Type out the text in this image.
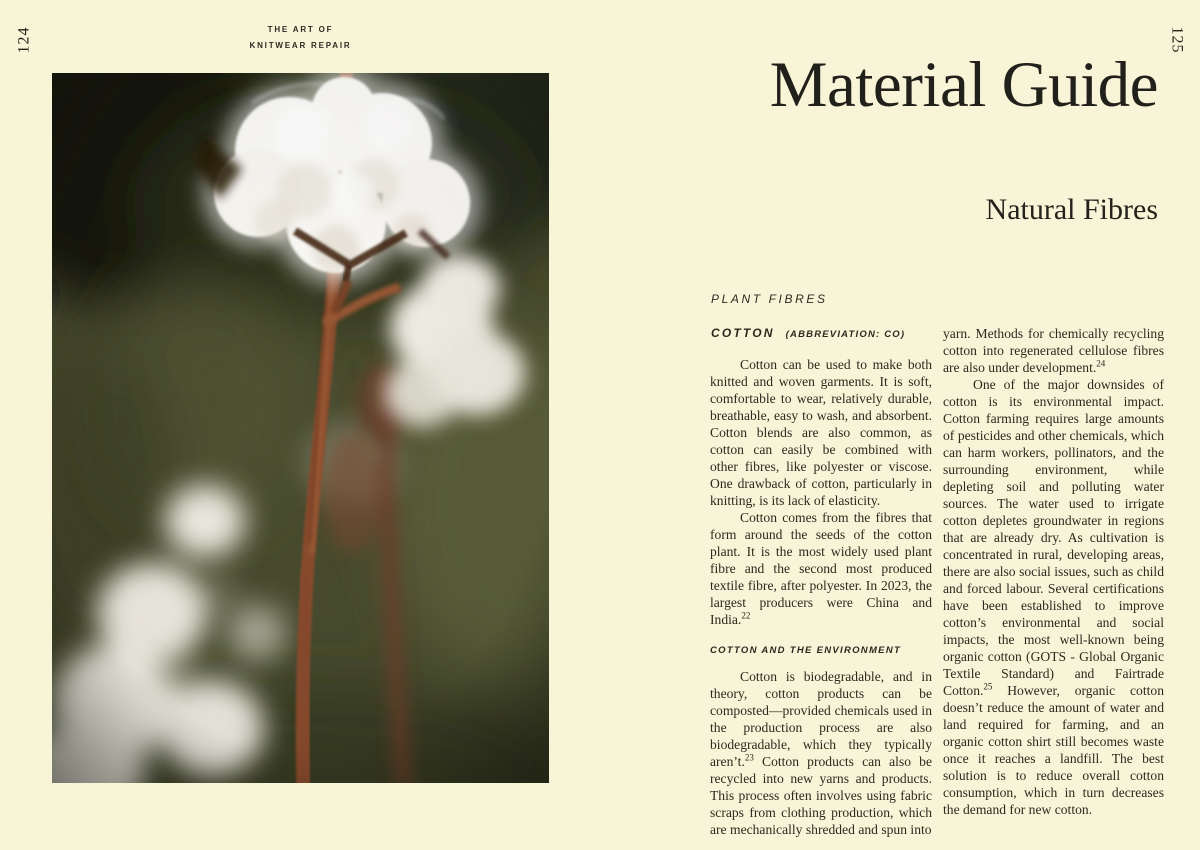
124	THE ART OF
KNITWEAR REPAIR	125
Material Guide
Natural Fibres
PLANT FIBRES
COTTON (ABBREVIATION: CO)

Cotton can be used to make both knitted and woven garments. It is soft, comfortable to wear, relatively durable, breathable, easy to wash, and absorbent. Cotton blends are also common, as cotton can easily be combined with other fibres, like polyester or viscose. One drawback of cotton, particularly in knitting, is its lack of elasticity.

Cotton comes from the fibres that form around the seeds of the cotton plant. It is the most widely used plant fibre and the second most produced textile fibre, after polyester. In 2023, the largest producers were China and India.$^{22}$

COTTON AND THE ENVIRONMENT

Cotton is biodegradable, and in theory, cotton products can be composted—provided chemicals used in the production process are also biodegradable, which they typically aren’t.$^{23}$ Cotton products can also be recycled into new yarns and products. This process often involves using fabric scraps from clothing production, which are mechanically shredded and spun into

yarn. Methods for chemically recycling cotton into regenerated cellulose fibres are also under development.$^{24}$

One of the major downsides of cotton is its environmental impact. Cotton farming requires large amounts of pesticides and other chemicals, which can harm workers, pollinators, and the surrounding environment, while depleting soil and polluting water sources. The water used to irrigate cotton depletes groundwater in regions that are already dry. As cultivation is concentrated in rural, developing areas, there are also social issues, such as child and forced labour. Several certifications have been established to improve cotton’s environmental and social impacts, the most well-known being organic cotton (GOTS - Global Organic Textile Standard) and Fairtrade Cotton.$^{25}$ However, organic cotton doesn’t reduce the amount of water and land required for farming, and an organic cotton shirt still becomes waste once it reaches a landfill. The best solution is to reduce overall cotton consumption, which in turn decreases the demand for new cotton.
